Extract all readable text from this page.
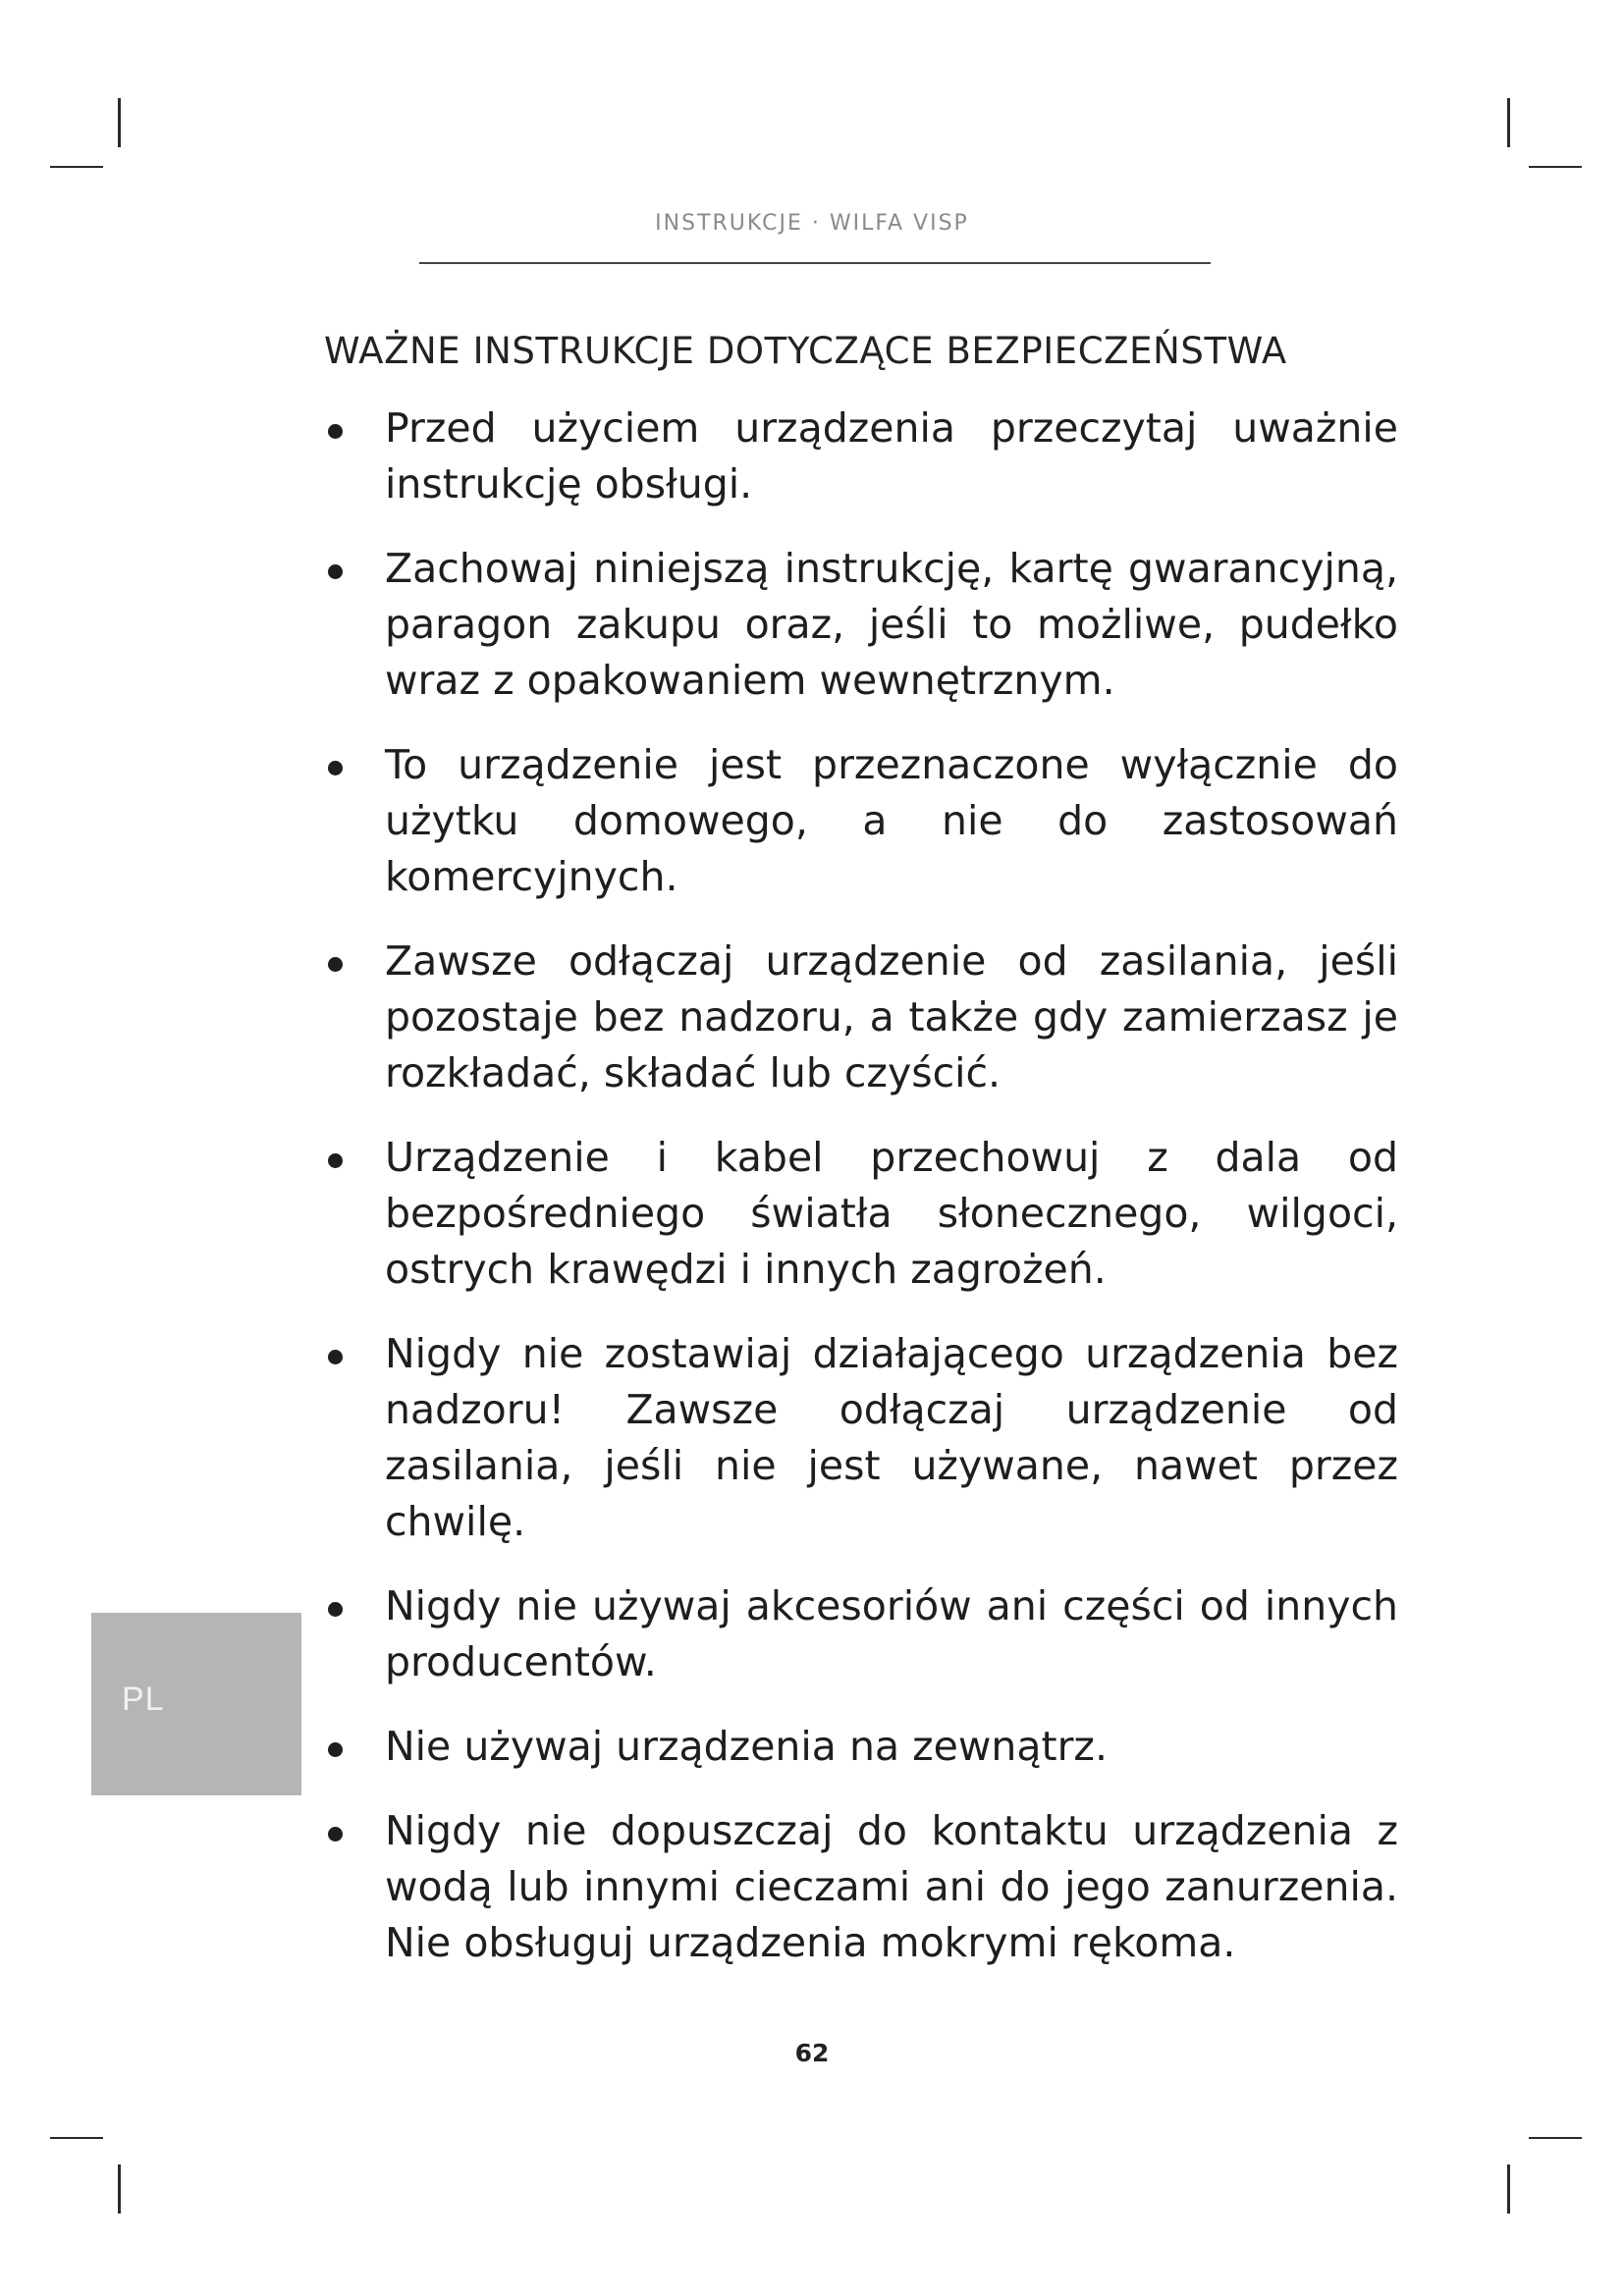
INSTRUKCJE · WILFA VISP
WAŻNE INSTRUKCJE DOTYCZĄCE BEZPIECZEŃSTWA
Przed użyciem urządzenia przeczytaj uważnie instrukcję obsługi.
Zachowaj niniejszą instrukcję, kartę gwarancyjną, paragon zakupu oraz, jeśli to możliwe, pudełko wraz z opakowaniem wewnętrznym.
To urządzenie jest przeznaczone wyłącznie do użytku domowego, a nie do zastosowań komercyjnych.
Zawsze odłączaj urządzenie od zasilania, jeśli pozostaje bez nadzoru, a także gdy zamierzasz je rozkładać, składać lub czyścić.
Urządzenie i kabel przechowuj z dala od bezpośredniego światła słonecznego, wilgoci, ostrych krawędzi i innych zagrożeń.
Nigdy nie zostawiaj działającego urządzenia bez nadzoru! Zawsze odłączaj urządzenie od zasilania, jeśli nie jest używane, nawet przez chwilę.
Nigdy nie używaj akcesoriów ani części od innych producentów.
Nie używaj urządzenia na zewnątrz.
Nigdy nie dopuszczaj do kontaktu urządzenia z wodą lub innymi cieczami ani do jego zanurzenia. Nie obsługuj urządzenia mokrymi rękoma.
PL
62
